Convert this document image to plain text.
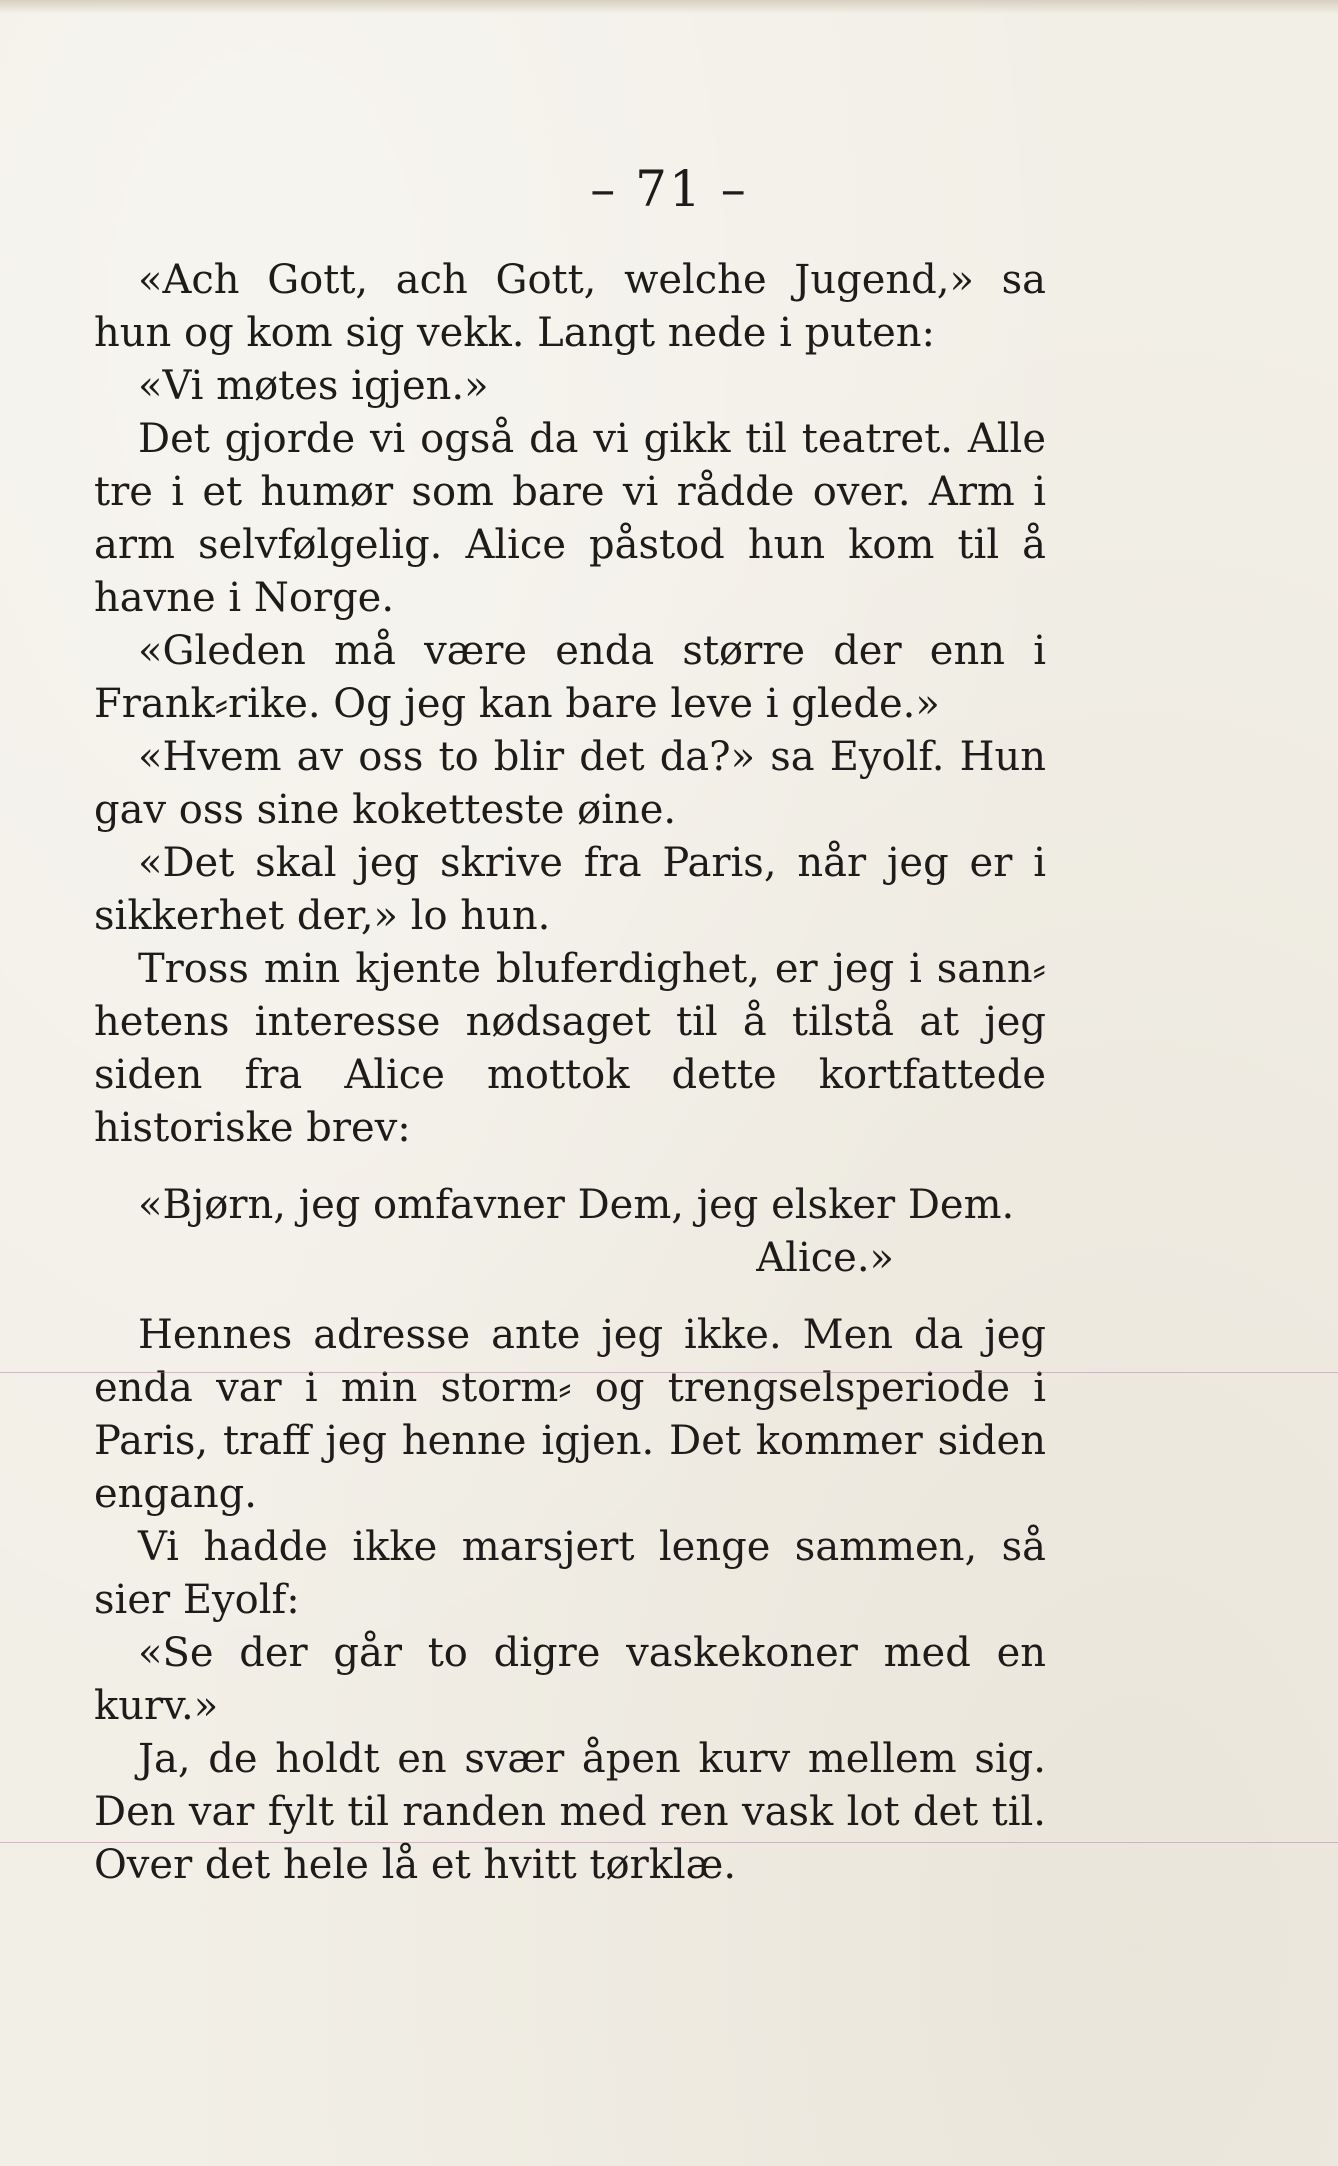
– 71 –

«Ach Gott, ach Gott, welche Jugend,» sa hun og kom sig vekk. Langt nede i puten:

«Vi møtes igjen.»

Det gjorde vi også da vi gikk til teatret. Alle tre i et humør som bare vi rådde over. Arm i arm selvfølgelig. Alice påstod hun kom til å havne i Norge.

«Gleden må være enda større der enn i Frank⸗rike. Og jeg kan bare leve i glede.»

«Hvem av oss to blir det da?» sa Eyolf. Hun gav oss sine koketteste øine.

«Det skal jeg skrive fra Paris, når jeg er i sikkerhet der,» lo hun.

Tross min kjente bluferdighet, er jeg i sann⸗hetens interesse nødsaget til å tilstå at jeg siden fra Alice mottok dette kortfattede historiske brev:

«Bjørn, jeg omfavner Dem, jeg elsker Dem.

Alice.»

Hennes adresse ante jeg ikke. Men da jeg enda var i min storm⸗ og trengselsperiode i Paris, traff jeg henne igjen. Det kommer siden engang.

Vi hadde ikke marsjert lenge sammen, så sier Eyolf:

«Se der går to digre vaskekoner med en kurv.»

Ja, de holdt en svær åpen kurv mellem sig. Den var fylt til randen med ren vask lot det til. Over det hele lå et hvitt tørklæ.
